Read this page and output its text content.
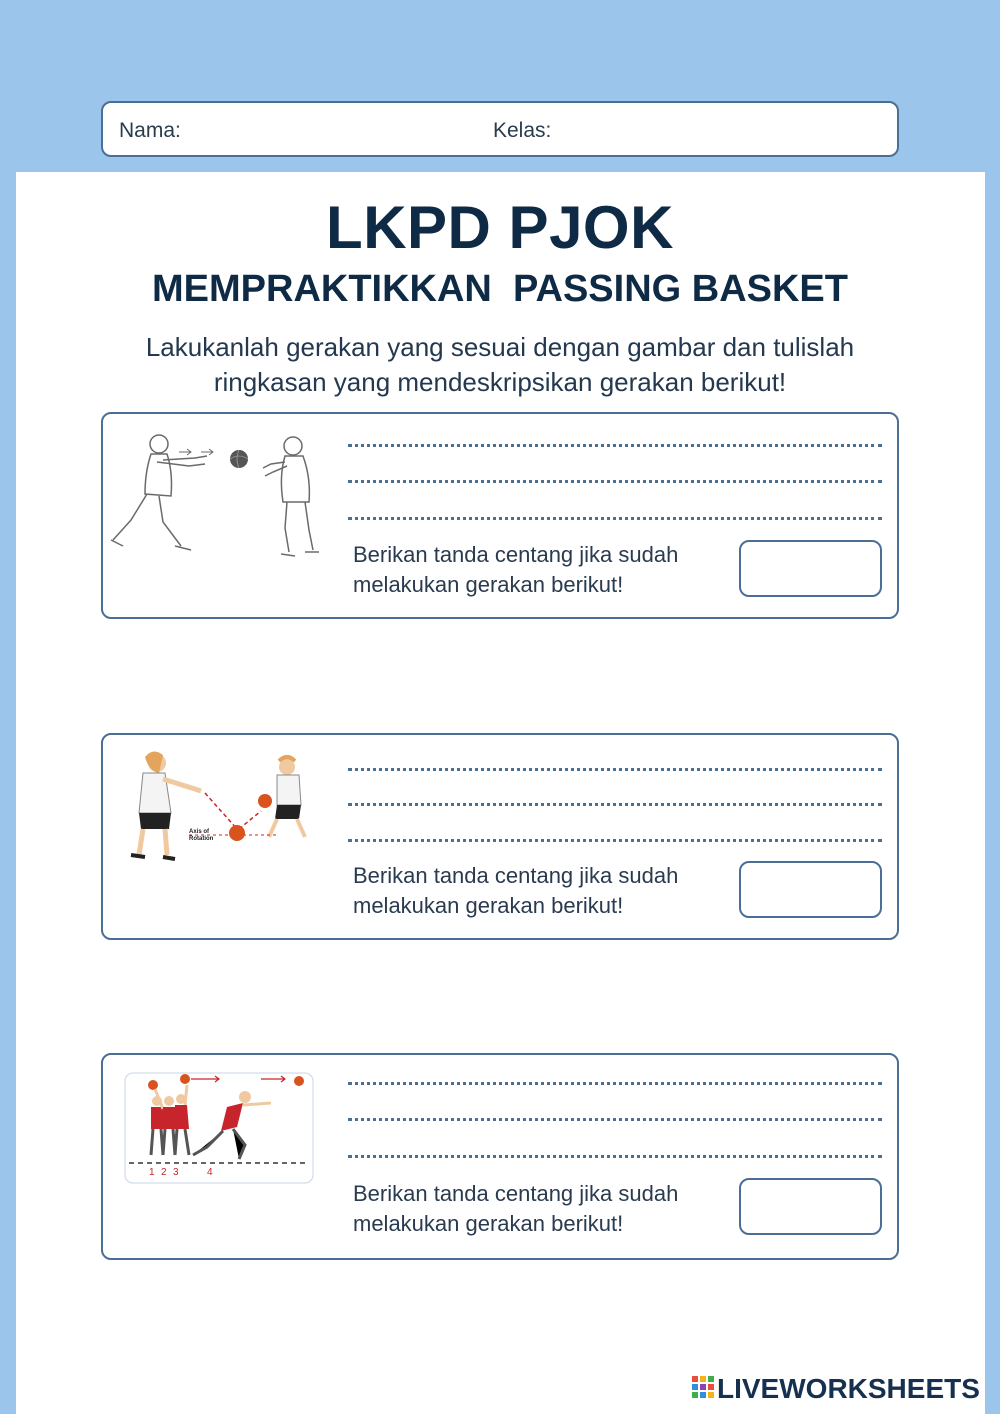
Nama:	Kelas:
LKPD PJOK
MEMPRAKTIKKAN  PASSING BASKET
Lakukanlah gerakan yang sesuai dengan gambar dan tulislah
ringkasan yang mendeskripsikan gerakan berikut!
Berikan tanda centang jika sudah
melakukan gerakan berikut!
Axis of
Rotation
Berikan tanda centang jika sudah
melakukan gerakan berikut!
1 2 3	4
Berikan tanda centang jika sudah
melakukan gerakan berikut!
LIVEWORKSHEETS
